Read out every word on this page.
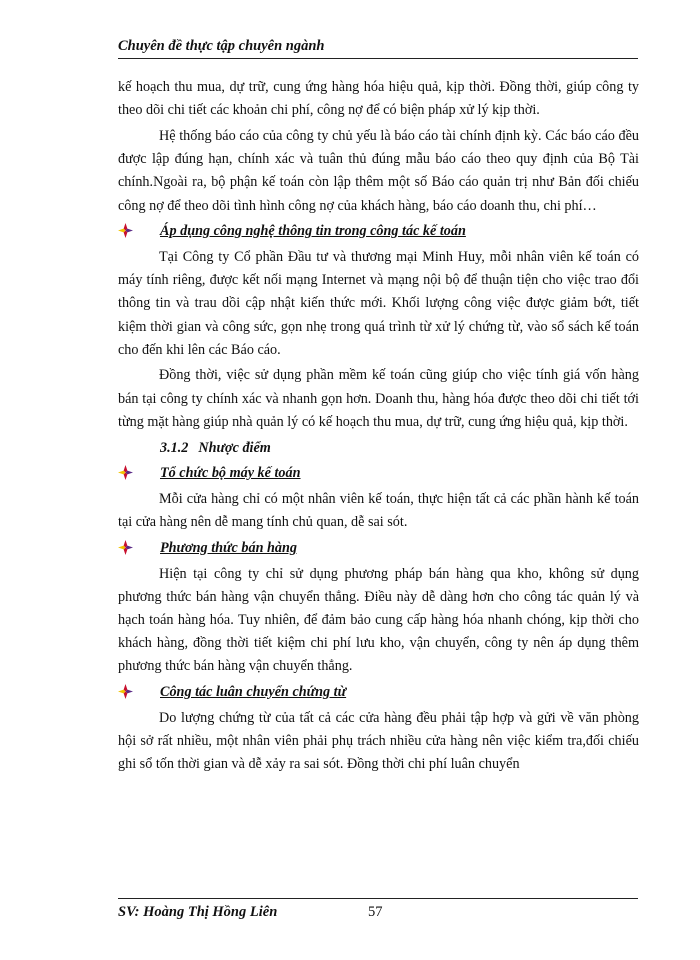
Chuyên đề thực tập chuyên ngành

kế hoạch thu mua, dự trữ, cung ứng hàng hóa hiệu quả, kịp thời. Đồng thời, giúp công ty theo dõi chi tiết các khoản chi phí, công nợ để có biện pháp xử lý kịp thời.

Hệ thống báo cáo của công ty chủ yếu là báo cáo tài chính định kỳ. Các báo cáo đều được lập đúng hạn, chính xác và tuân thủ đúng mẫu báo cáo theo quy định của Bộ Tài chính.Ngoài ra, bộ phận kế toán còn lập thêm một số Báo cáo quản trị như Bản đối chiếu công nợ để theo dõi tình hình công nợ của khách hàng, báo cáo doanh thu, chi phí…

Áp dụng công nghệ thông tin trong công tác kế toán

Tại Công ty Cổ phần Đầu tư và thương mại Minh Huy, mỗi nhân viên kế toán có máy tính riêng, được kết nối mạng Internet và mạng nội bộ để thuận tiện cho việc trao đổi thông tin và trau dồi cập nhật kiến thức mới. Khối lượng công việc được giảm bớt, tiết kiệm thời gian và công sức, gọn nhẹ trong quá trình từ xử lý chứng từ, vào sổ sách kế toán cho đến khi lên các Báo cáo.

Đồng thời, việc sử dụng phần mềm kế toán cũng giúp cho việc tính giá vốn hàng bán tại công ty chính xác và nhanh gọn hơn. Doanh thu, hàng hóa được theo dõi chi tiết tới từng mặt hàng giúp nhà quản lý có kế hoạch thu mua, dự trữ, cung ứng hiệu quả, kịp thời.

3.1.2 Nhược điểm
Tổ chức bộ máy kế toán

Mỗi cửa hàng chỉ có một nhân viên kế toán, thực hiện tất cả các phần hành kế toán tại cửa hàng nên dễ mang tính chủ quan, dễ sai sót.

Phương thức bán hàng

Hiện tại công ty chỉ sử dụng phương pháp bán hàng qua kho, không sử dụng phương thức bán hàng vận chuyển thẳng. Điều này dễ dàng hơn cho công tác quản lý và hạch toán hàng hóa. Tuy nhiên, để đảm bảo cung cấp hàng hóa nhanh chóng, kịp thời cho khách hàng, đồng thời tiết kiệm chi phí lưu kho, vận chuyển, công ty nên áp dụng thêm phương thức bán hàng vận chuyển thẳng.

Công tác luân chuyển chứng từ

Do lượng chứng từ của tất cả các cửa hàng đều phải tập hợp và gửi về văn phòng hội sở rất nhiều, một nhân viên phải phụ trách nhiều cửa hàng nên việc kiểm tra,đối chiếu ghi sổ tốn thời gian và dễ xảy ra sai sót. Đồng thời chi phí luân chuyển

SV: Hoàng Thị Hồng Liên	57
